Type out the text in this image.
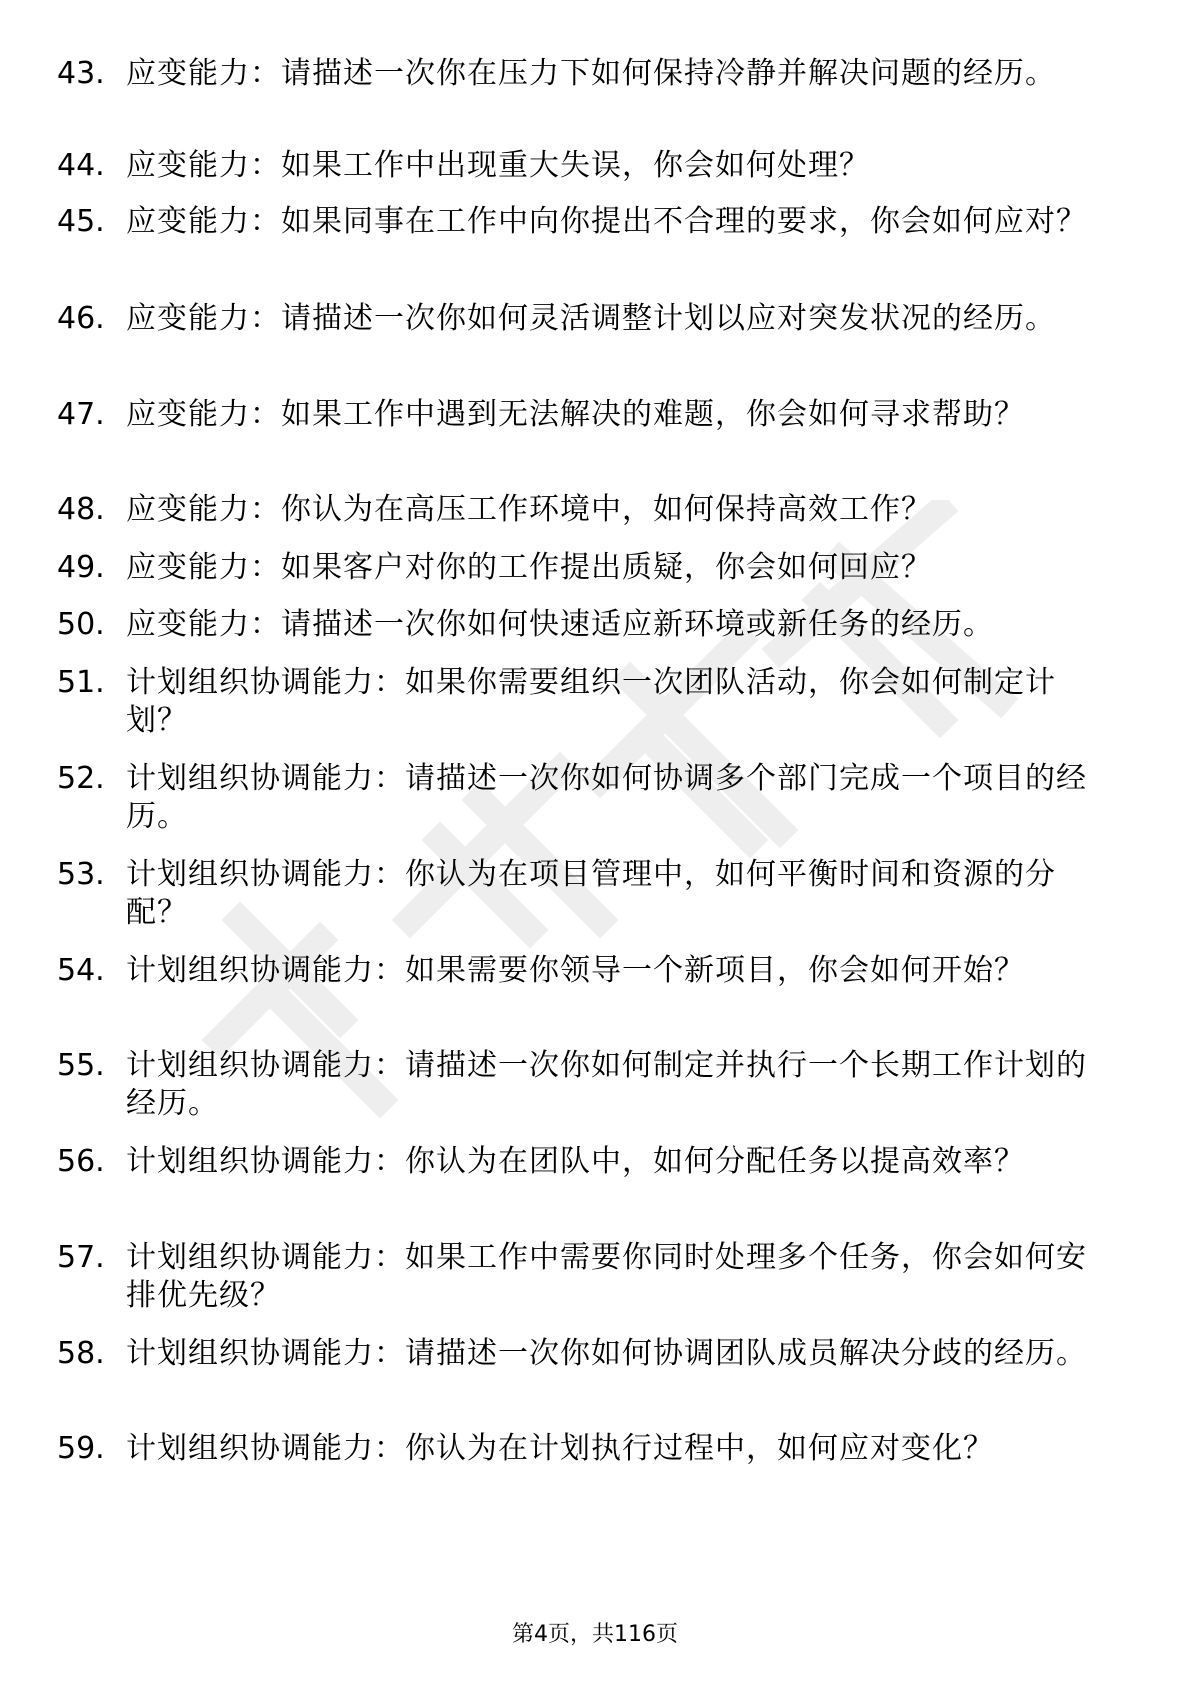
43. 应变能力：请描述一次你在压力下如何保持冷静并解决问题的经历。
44. 应变能力：如果工作中出现重大失误，你会如何处理？
45. 应变能力：如果同事在工作中向你提出不合理的要求，你会如何应对？
46. 应变能力：请描述一次你如何灵活调整计划以应对突发状况的经历。
47. 应变能力：如果工作中遇到无法解决的难题，你会如何寻求帮助？
48. 应变能力：你认为在高压工作环境中，如何保持高效工作？
49. 应变能力：如果客户对你的工作提出质疑，你会如何回应？
50. 应变能力：请描述一次你如何快速适应新环境或新任务的经历。
51. 计划组织协调能力：如果你需要组织一次团队活动，你会如何制定计划？
52. 计划组织协调能力：请描述一次你如何协调多个部门完成一个项目的经历。
53. 计划组织协调能力：你认为在项目管理中，如何平衡时间和资源的分配？
54. 计划组织协调能力：如果需要你领导一个新项目，你会如何开始？
55. 计划组织协调能力：请描述一次你如何制定并执行一个长期工作计划的经历。
56. 计划组织协调能力：你认为在团队中，如何分配任务以提高效率？
57. 计划组织协调能力：如果工作中需要你同时处理多个任务，你会如何安排优先级？
58. 计划组织协调能力：请描述一次你如何协调团队成员解决分歧的经历。
59. 计划组织协调能力：你认为在计划执行过程中，如何应对变化？
第4页，共116页
